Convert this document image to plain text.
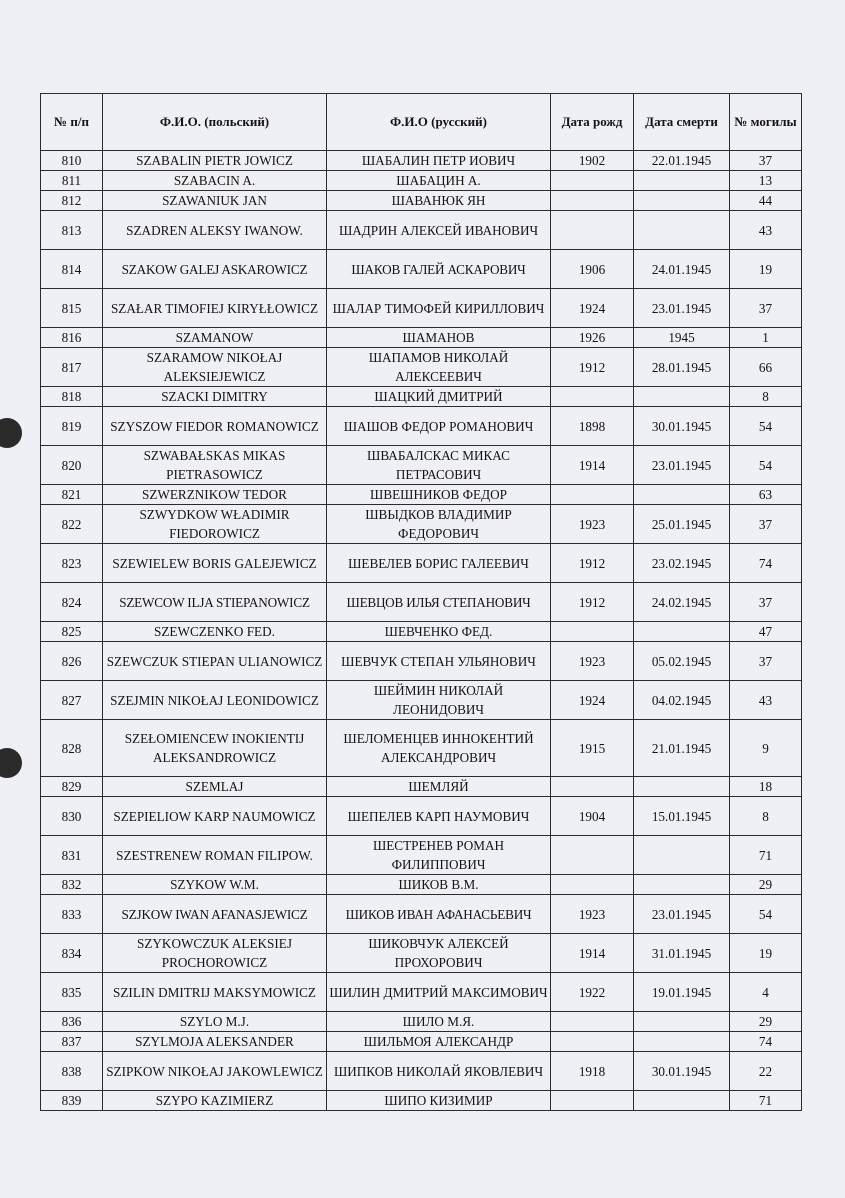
№ п/п	Ф.И.О. (польский)	Ф.И.О (русский)	Дата рожд	Дата смерти	№ могилы
810	SZABALIN PIETR JOWICZ	ШАБАЛИН ПЕТР ИОВИЧ	1902	22.01.1945	37
811	SZABACIN A.	ШАБАЦИН А.			13
812	SZAWANIUK JAN	ШАВАНЮК ЯН			44
813	SZADREN ALEKSY IWANOW.	ШАДРИН АЛЕКСЕЙ ИВАНОВИЧ			43
814	SZAKOW GALEJ ASKAROWICZ	ШАКОВ ГАЛЕЙ АСКАРОВИЧ	1906	24.01.1945	19
815	SZAŁAR TIMOFIEJ KIRYŁŁOWICZ	ШАЛАР ТИМОФЕЙ КИРИЛЛОВИЧ	1924	23.01.1945	37
816	SZAMANOW	ШАМАНОВ	1926	1945	1
817	SZARAMOW NIKOŁAJ ALEKSIEJEWICZ	ШАПАМОВ НИКОЛАЙ АЛЕКСЕЕВИЧ	1912	28.01.1945	66
818	SZACKI DIMITRY	ШАЦКИЙ ДМИТРИЙ			8
819	SZYSZOW FIEDOR ROMANOWICZ	ШАШОВ ФЕДОР РОМАНОВИЧ	1898	30.01.1945	54
820	SZWABAŁSKAS MIKAS PIETRASOWICZ	ШВАБАЛСКАС МИКАС ПЕТРАСОВИЧ	1914	23.01.1945	54
821	SZWERZNIKOW TEDOR	ШВЕШНИКОВ ФЕДОР			63
822	SZWYDKOW WŁADIMIR FIEDOROWICZ	ШВЫДКОВ ВЛАДИМИР ФЕДОРОВИЧ	1923	25.01.1945	37
823	SZEWIELEW BORIS GALEJEWICZ	ШЕВЕЛЕВ БОРИС ГАЛЕЕВИЧ	1912	23.02.1945	74
824	SZEWCOW ILJA STIEPANOWICZ	ШЕВЦОВ ИЛЬЯ СТЕПАНОВИЧ	1912	24.02.1945	37
825	SZEWCZENKO FED.	ШЕВЧЕНКО ФЕД.			47
826	SZEWCZUK STIEPAN ULIANOWICZ	ШЕВЧУК СТЕПАН УЛЬЯНОВИЧ	1923	05.02.1945	37
827	SZEJMIN NIKOŁAJ LEONIDOWICZ	ШЕЙМИН НИКОЛАЙ ЛЕОНИДОВИЧ	1924	04.02.1945	43
828	SZEŁOMIENCEW INOKIENTIJ ALEKSANDROWICZ	ШЕЛОМЕНЦЕВ ИННОКЕНТИЙ АЛЕКСАНДРОВИЧ	1915	21.01.1945	9
829	SZEMLAJ	ШЕМЛЯЙ			18
830	SZEPIELIOW KARP NAUMOWICZ	ШЕПЕЛЕВ КАРП НАУМОВИЧ	1904	15.01.1945	8
831	SZESTRENEW ROMAN FILIPOW.	ШЕСТРЕНЕВ РОМАН ФИЛИППОВИЧ			71
832	SZYKOW W.M.	ШИКОВ В.М.			29
833	SZJKOW IWAN AFANASJEWICZ	ШИКОВ ИВАН АФАНАСЬЕВИЧ	1923	23.01.1945	54
834	SZYKOWCZUK ALEKSIEJ PROCHOROWICZ	ШИКОВЧУК АЛЕКСЕЙ ПРОХОРОВИЧ	1914	31.01.1945	19
835	SZILIN DMITRIJ MAKSYMOWICZ	ШИЛИН ДМИТРИЙ МАКСИМОВИЧ	1922	19.01.1945	4
836	SZYLO M.J.	ШИЛО М.Я.			29
837	SZYLMOJA ALEKSANDER	ШИЛЬМОЯ АЛЕКСАНДР			74
838	SZIPKOW NIKOŁAJ JAKOWLEWICZ	ШИПКОВ НИКОЛАЙ ЯКОВЛЕВИЧ	1918	30.01.1945	22
839	SZYPO KAZIMIERZ	ШИПО КИЗИМИР			71
